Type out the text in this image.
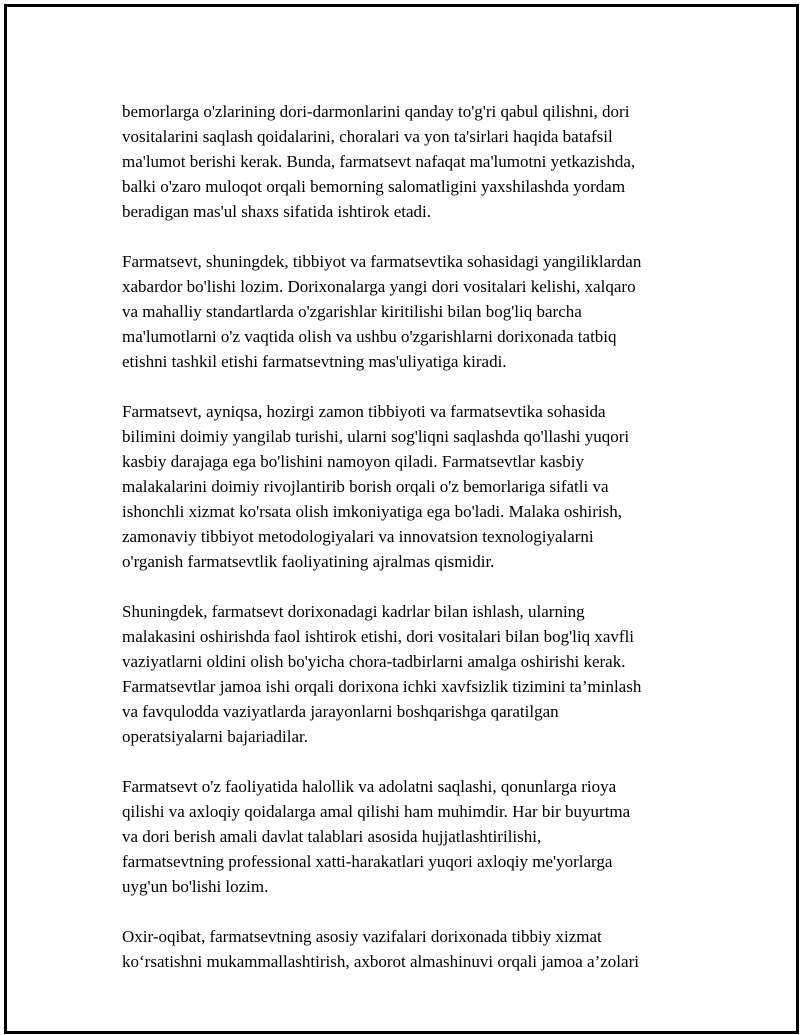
bemorlarga o'zlarining dori-darmonlarini qanday to'g'ri qabul qilishni, dori
vositalarini saqlash qoidalarini, choralari va yon ta'sirlari haqida batafsil
ma'lumot berishi kerak. Bunda, farmatsevt nafaqat ma'lumotni yetkazishda,
balki o'zaro muloqot orqali bemorning salomatligini yaxshilashda yordam
beradigan mas'ul shaxs sifatida ishtirok etadi.

Farmatsevt, shuningdek, tibbiyot va farmatsevtika sohasidagi yangiliklardan
xabardor bo'lishi lozim. Dorixonalarga yangi dori vositalari kelishi, xalqaro
va mahalliy standartlarda o'zgarishlar kiritilishi bilan bog'liq barcha
ma'lumotlarni o'z vaqtida olish va ushbu o'zgarishlarni dorixonada tatbiq
etishni tashkil etishi farmatsevtning mas'uliyatiga kiradi.

Farmatsevt, ayniqsa, hozirgi zamon tibbiyoti va farmatsevtika sohasida
bilimini doimiy yangilab turishi, ularni sog'liqni saqlashda qo'llashi yuqori
kasbiy darajaga ega bo'lishini namoyon qiladi. Farmatsevtlar kasbiy
malakalarini doimiy rivojlantirib borish orqali o'z bemorlariga sifatli va
ishonchli xizmat ko'rsata olish imkoniyatiga ega bo'ladi. Malaka oshirish,
zamonaviy tibbiyot metodologiyalari va innovatsion texnologiyalarni
o'rganish farmatsevtlik faoliyatining ajralmas qismidir.

Shuningdek, farmatsevt dorixonadagi kadrlar bilan ishlash, ularning
malakasini oshirishda faol ishtirok etishi, dori vositalari bilan bog'liq xavfli
vaziyatlarni oldini olish bo'yicha chora-tadbirlarni amalga oshirishi kerak.
Farmatsevtlar jamoa ishi orqali dorixona ichki xavfsizlik tizimini ta’minlash
va favqulodda vaziyatlarda jarayonlarni boshqarishga qaratilgan
operatsiyalarni bajariadilar.

Farmatsevt o'z faoliyatida halollik va adolatni saqlashi, qonunlarga rioya
qilishi va axloqiy qoidalarga amal qilishi ham muhimdir. Har bir buyurtma
va dori berish amali davlat talablari asosida hujjatlashtirilishi,
farmatsevtning professional xatti-harakatlari yuqori axloqiy me'yorlarga
uyg'un bo'lishi lozim.

Oxir-oqibat, farmatsevtning asosiy vazifalari dorixonada tibbiy xizmat
ko‘rsatishni mukammallashtirish, axborot almashinuvi orqali jamoa a’zolari
